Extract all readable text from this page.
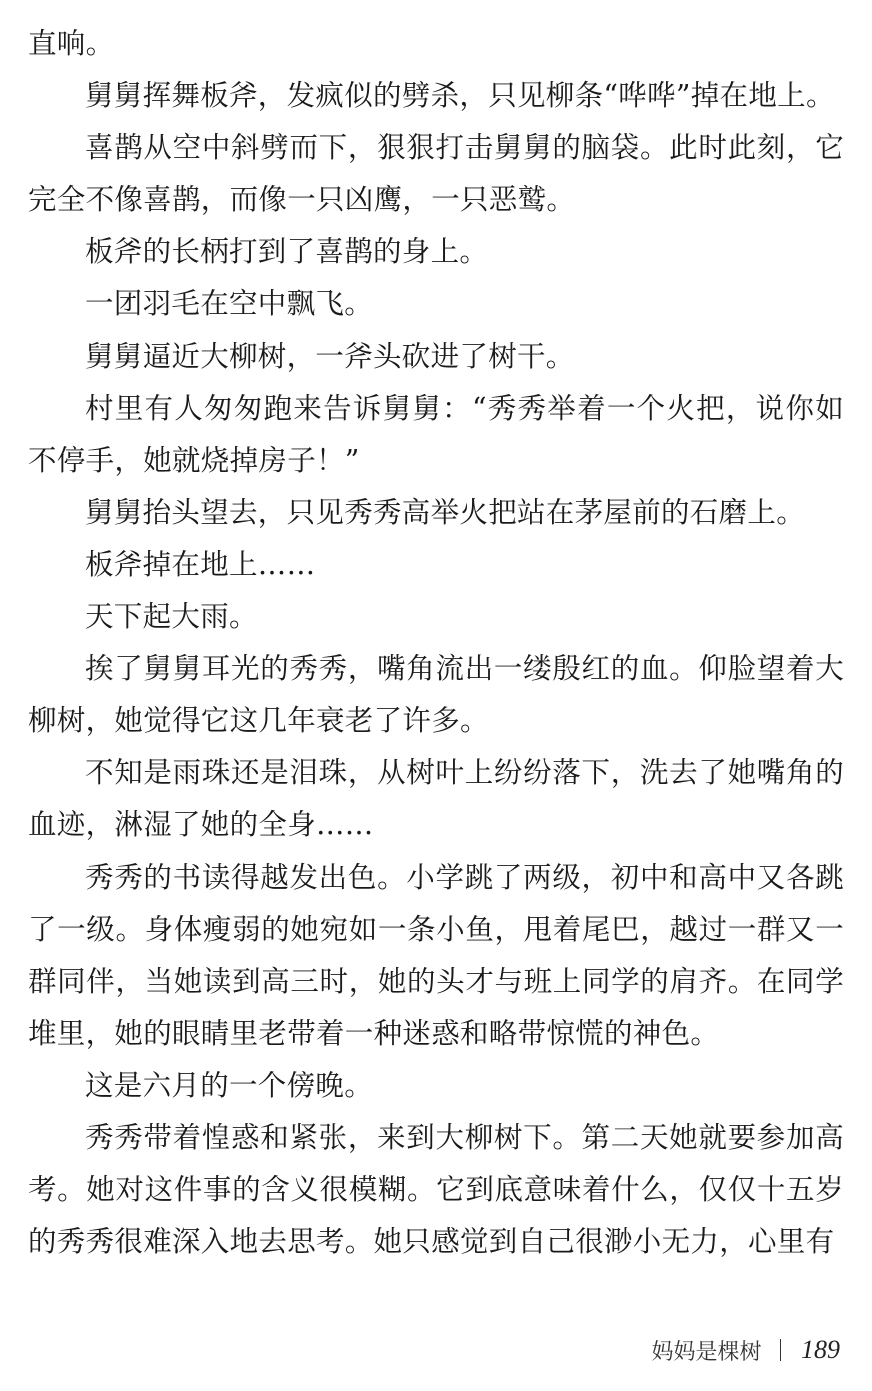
直响。

舅舅挥舞板斧，发疯似的劈杀，只见柳条“哗哗”掉在地上。

喜鹊从空中斜劈而下，狠狠打击舅舅的脑袋。此时此刻，它完全不像喜鹊，而像一只凶鹰，一只恶鹫。

板斧的长柄打到了喜鹊的身上。

一团羽毛在空中飘飞。

舅舅逼近大柳树，一斧头砍进了树干。

村里有人匆匆跑来告诉舅舅：“秀秀举着一个火把，说你如不停手，她就烧掉房子！”

舅舅抬头望去，只见秀秀高举火把站在茅屋前的石磨上。

板斧掉在地上……

天下起大雨。

挨了舅舅耳光的秀秀，嘴角流出一缕殷红的血。仰脸望着大柳树，她觉得它这几年衰老了许多。

不知是雨珠还是泪珠，从树叶上纷纷落下，洗去了她嘴角的血迹，淋湿了她的全身……

秀秀的书读得越发出色。小学跳了两级，初中和高中又各跳了一级。身体瘦弱的她宛如一条小鱼，甩着尾巴，越过一群又一群同伴，当她读到高三时，她的头才与班上同学的肩齐。在同学堆里，她的眼睛里老带着一种迷惑和略带惊慌的神色。

这是六月的一个傍晚。

秀秀带着惶惑和紧张，来到大柳树下。第二天她就要参加高考。她对这件事的含义很模糊。它到底意味着什么，仅仅十五岁的秀秀很难深入地去思考。她只感觉到自己很渺小无力，心里有

妈妈是棵树 189
